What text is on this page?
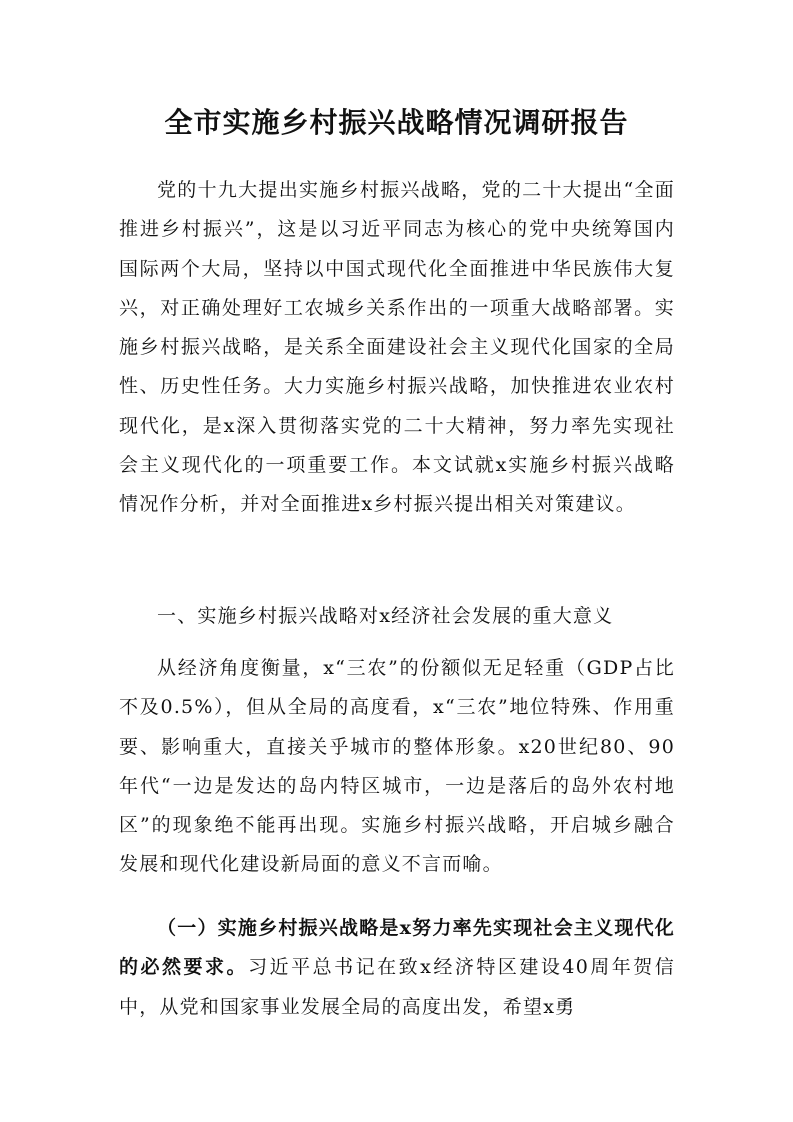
全市实施乡村振兴战略情况调研报告

党的十九大提出实施乡村振兴战略，党的二十大提出“全面推进乡村振兴”，这是以习近平同志为核心的党中央统筹国内国际两个大局，坚持以中国式现代化全面推进中华民族伟大复兴，对正确处理好工农城乡关系作出的一项重大战略部署。实施乡村振兴战略，是关系全面建设社会主义现代化国家的全局性、历史性任务。大力实施乡村振兴战略，加快推进农业农村现代化，是x深入贯彻落实党的二十大精神，努力率先实现社会主义现代化的一项重要工作。本文试就x实施乡村振兴战略情况作分析，并对全面推进x乡村振兴提出相关对策建议。

一、实施乡村振兴战略对x经济社会发展的重大意义

从经济角度衡量，x“三农”的份额似无足轻重（GDP占比不及0.5%），但从全局的高度看，x“三农”地位特殊、作用重要、影响重大，直接关乎城市的整体形象。x20世纪80、90年代“一边是发达的岛内特区城市，一边是落后的岛外农村地区”的现象绝不能再出现。实施乡村振兴战略，开启城乡融合发展和现代化建设新局面的意义不言而喻。

（一）实施乡村振兴战略是x努力率先实现社会主义现代化的必然要求。习近平总书记在致x经济特区建设40周年贺信中，从党和国家事业发展全局的高度出发，希望x勇
